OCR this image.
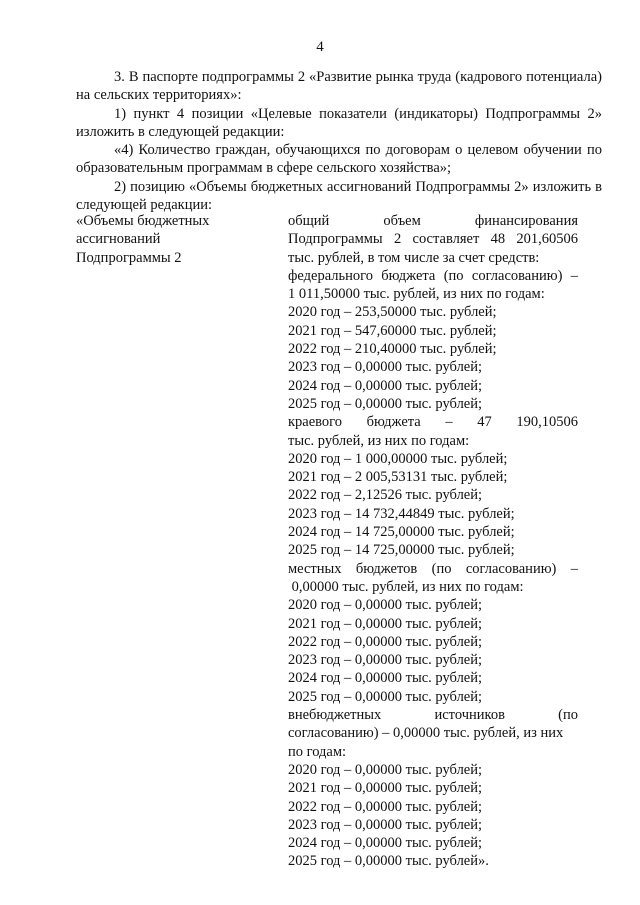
4

3. В паспорте подпрограммы 2 «Развитие рынка труда (кадрового потенциала) на сельских территориях»:

1) пункт 4 позиции «Целевые показатели (индикаторы) Подпрограммы 2» изложить в следующей редакции:

«4) Количество граждан, обучающихся по договорам о целевом обучении по образовательным программам в сфере сельского хозяйства»;

2) позицию «Объемы бюджетных ассигнований Подпрограммы 2» изложить в следующей редакции:

«Объемы бюджетных
ассигнований
Подпрограммы 2
общий объем финансирования
Подпрограммы 2 составляет 48 201,60506
тыс. рублей, в том числе за счет средств:
федерального бюджета (по согласованию) –
1 011,50000 тыс. рублей, из них по годам:
2020 год – 253,50000 тыс. рублей;
2021 год – 547,60000 тыс. рублей;
2022 год – 210,40000 тыс. рублей;
2023 год – 0,00000 тыс. рублей;
2024 год – 0,00000 тыс. рублей;
2025 год – 0,00000 тыс. рублей;
краевого бюджета – 47 190,10506
тыс. рублей, из них по годам:
2020 год – 1 000,00000 тыс. рублей;
2021 год – 2 005,53131 тыс. рублей;
2022 год – 2,12526 тыс. рублей;
2023 год – 14 732,44849 тыс. рублей;
2024 год – 14 725,00000 тыс. рублей;
2025 год – 14 725,00000 тыс. рублей;
местных бюджетов (по согласованию) –
0,00000 тыс. рублей, из них по годам:
2020 год – 0,00000 тыс. рублей;
2021 год – 0,00000 тыс. рублей;
2022 год – 0,00000 тыс. рублей;
2023 год – 0,00000 тыс. рублей;
2024 год – 0,00000 тыс. рублей;
2025 год – 0,00000 тыс. рублей;
внебюджетных источников (по
согласованию) – 0,00000 тыс. рублей, из них
по годам:
2020 год – 0,00000 тыс. рублей;
2021 год – 0,00000 тыс. рублей;
2022 год – 0,00000 тыс. рублей;
2023 год – 0,00000 тыс. рублей;
2024 год – 0,00000 тыс. рублей;
2025 год – 0,00000 тыс. рублей».
